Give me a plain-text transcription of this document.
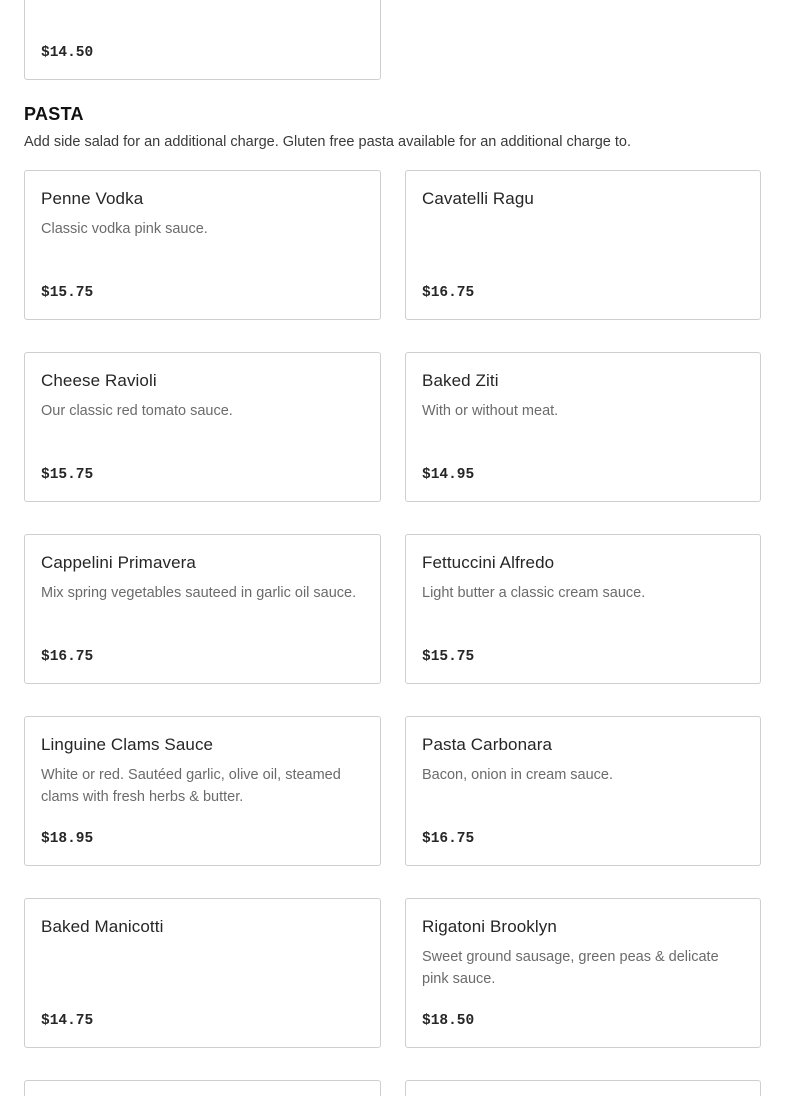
$14.50
PASTA
Add side salad for an additional charge. Gluten free pasta available for an additional charge to.
Penne Vodka
Classic vodka pink sauce.
$15.75
Cavatelli Ragu
$16.75
Cheese Ravioli
Our classic red tomato sauce.
$15.75
Baked Ziti
With or without meat.
$14.95
Cappelini Primavera
Mix spring vegetables sauteed in garlic oil sauce.
$16.75
Fettuccini Alfredo
Light butter a classic cream sauce.
$15.75
Linguine Clams Sauce
White or red. Sautéed garlic, olive oil, steamed clams with fresh herbs & butter.
$18.95
Pasta Carbonara
Bacon, onion in cream sauce.
$16.75
Baked Manicotti
$14.75
Rigatoni Brooklyn
Sweet ground sausage, green peas & delicate pink sauce.
$18.50
